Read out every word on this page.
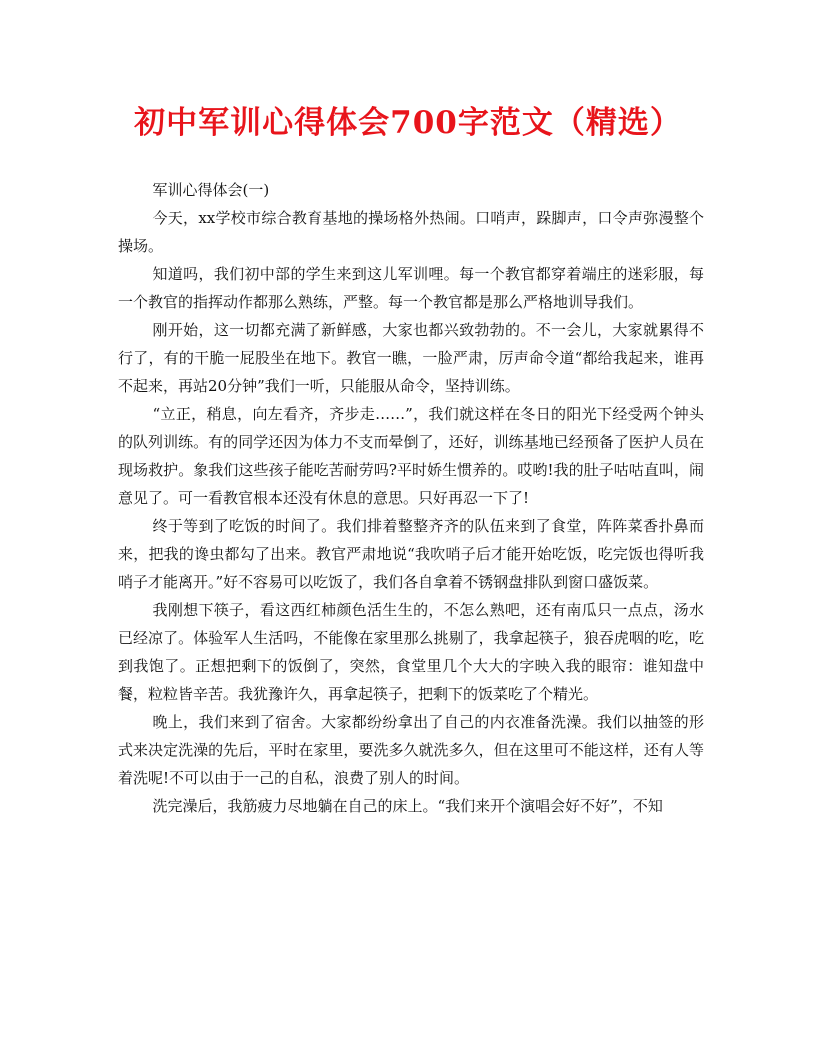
初中军训心得体会700字范文（精选）

军训心得体会(一)

今天，xx学校市综合教育基地的操场格外热闹。口哨声，跺脚声，口令声弥漫整个操场。

知道吗，我们初中部的学生来到这儿军训哩。每一个教官都穿着端庄的迷彩服，每一个教官的指挥动作都那么熟练，严整。每一个教官都是那么严格地训导我们。

刚开始，这一切都充满了新鲜感，大家也都兴致勃勃的。不一会儿，大家就累得不行了，有的干脆一屁股坐在地下。教官一瞧，一脸严肃，厉声命令道“都给我起来，谁再不起来，再站20分钟”我们一听，只能服从命令，坚持训练。

“立正，稍息，向左看齐，齐步走……”，我们就这样在冬日的阳光下经受两个钟头的队列训练。有的同学还因为体力不支而晕倒了，还好，训练基地已经预备了医护人员在现场救护。象我们这些孩子能吃苦耐劳吗?平时娇生惯养的。哎哟!我的肚子咕咕直叫，闹意见了。可一看教官根本还没有休息的意思。只好再忍一下了!

终于等到了吃饭的时间了。我们排着整整齐齐的队伍来到了食堂，阵阵菜香扑鼻而来，把我的谗虫都勾了出来。教官严肃地说“我吹哨子后才能开始吃饭，吃完饭也得听我哨子才能离开。”好不容易可以吃饭了，我们各自拿着不锈钢盘排队到窗口盛饭菜。

我刚想下筷子，看这西红柿颜色活生生的，不怎么熟吧，还有南瓜只一点点，汤水已经凉了。体验军人生活吗，不能像在家里那么挑剔了，我拿起筷子，狼吞虎咽的吃，吃到我饱了。正想把剩下的饭倒了，突然，食堂里几个大大的字映入我的眼帘：谁知盘中餐，粒粒皆辛苦。我犹豫许久，再拿起筷子，把剩下的饭菜吃了个精光。

晚上，我们来到了宿舍。大家都纷纷拿出了自己的内衣准备洗澡。我们以抽签的形式来决定洗澡的先后，平时在家里，要洗多久就洗多久，但在这里可不能这样，还有人等着洗呢!不可以由于一己的自私，浪费了别人的时间。

洗完澡后，我筋疲力尽地躺在自己的床上。“我们来开个演唱会好不好”，不知
